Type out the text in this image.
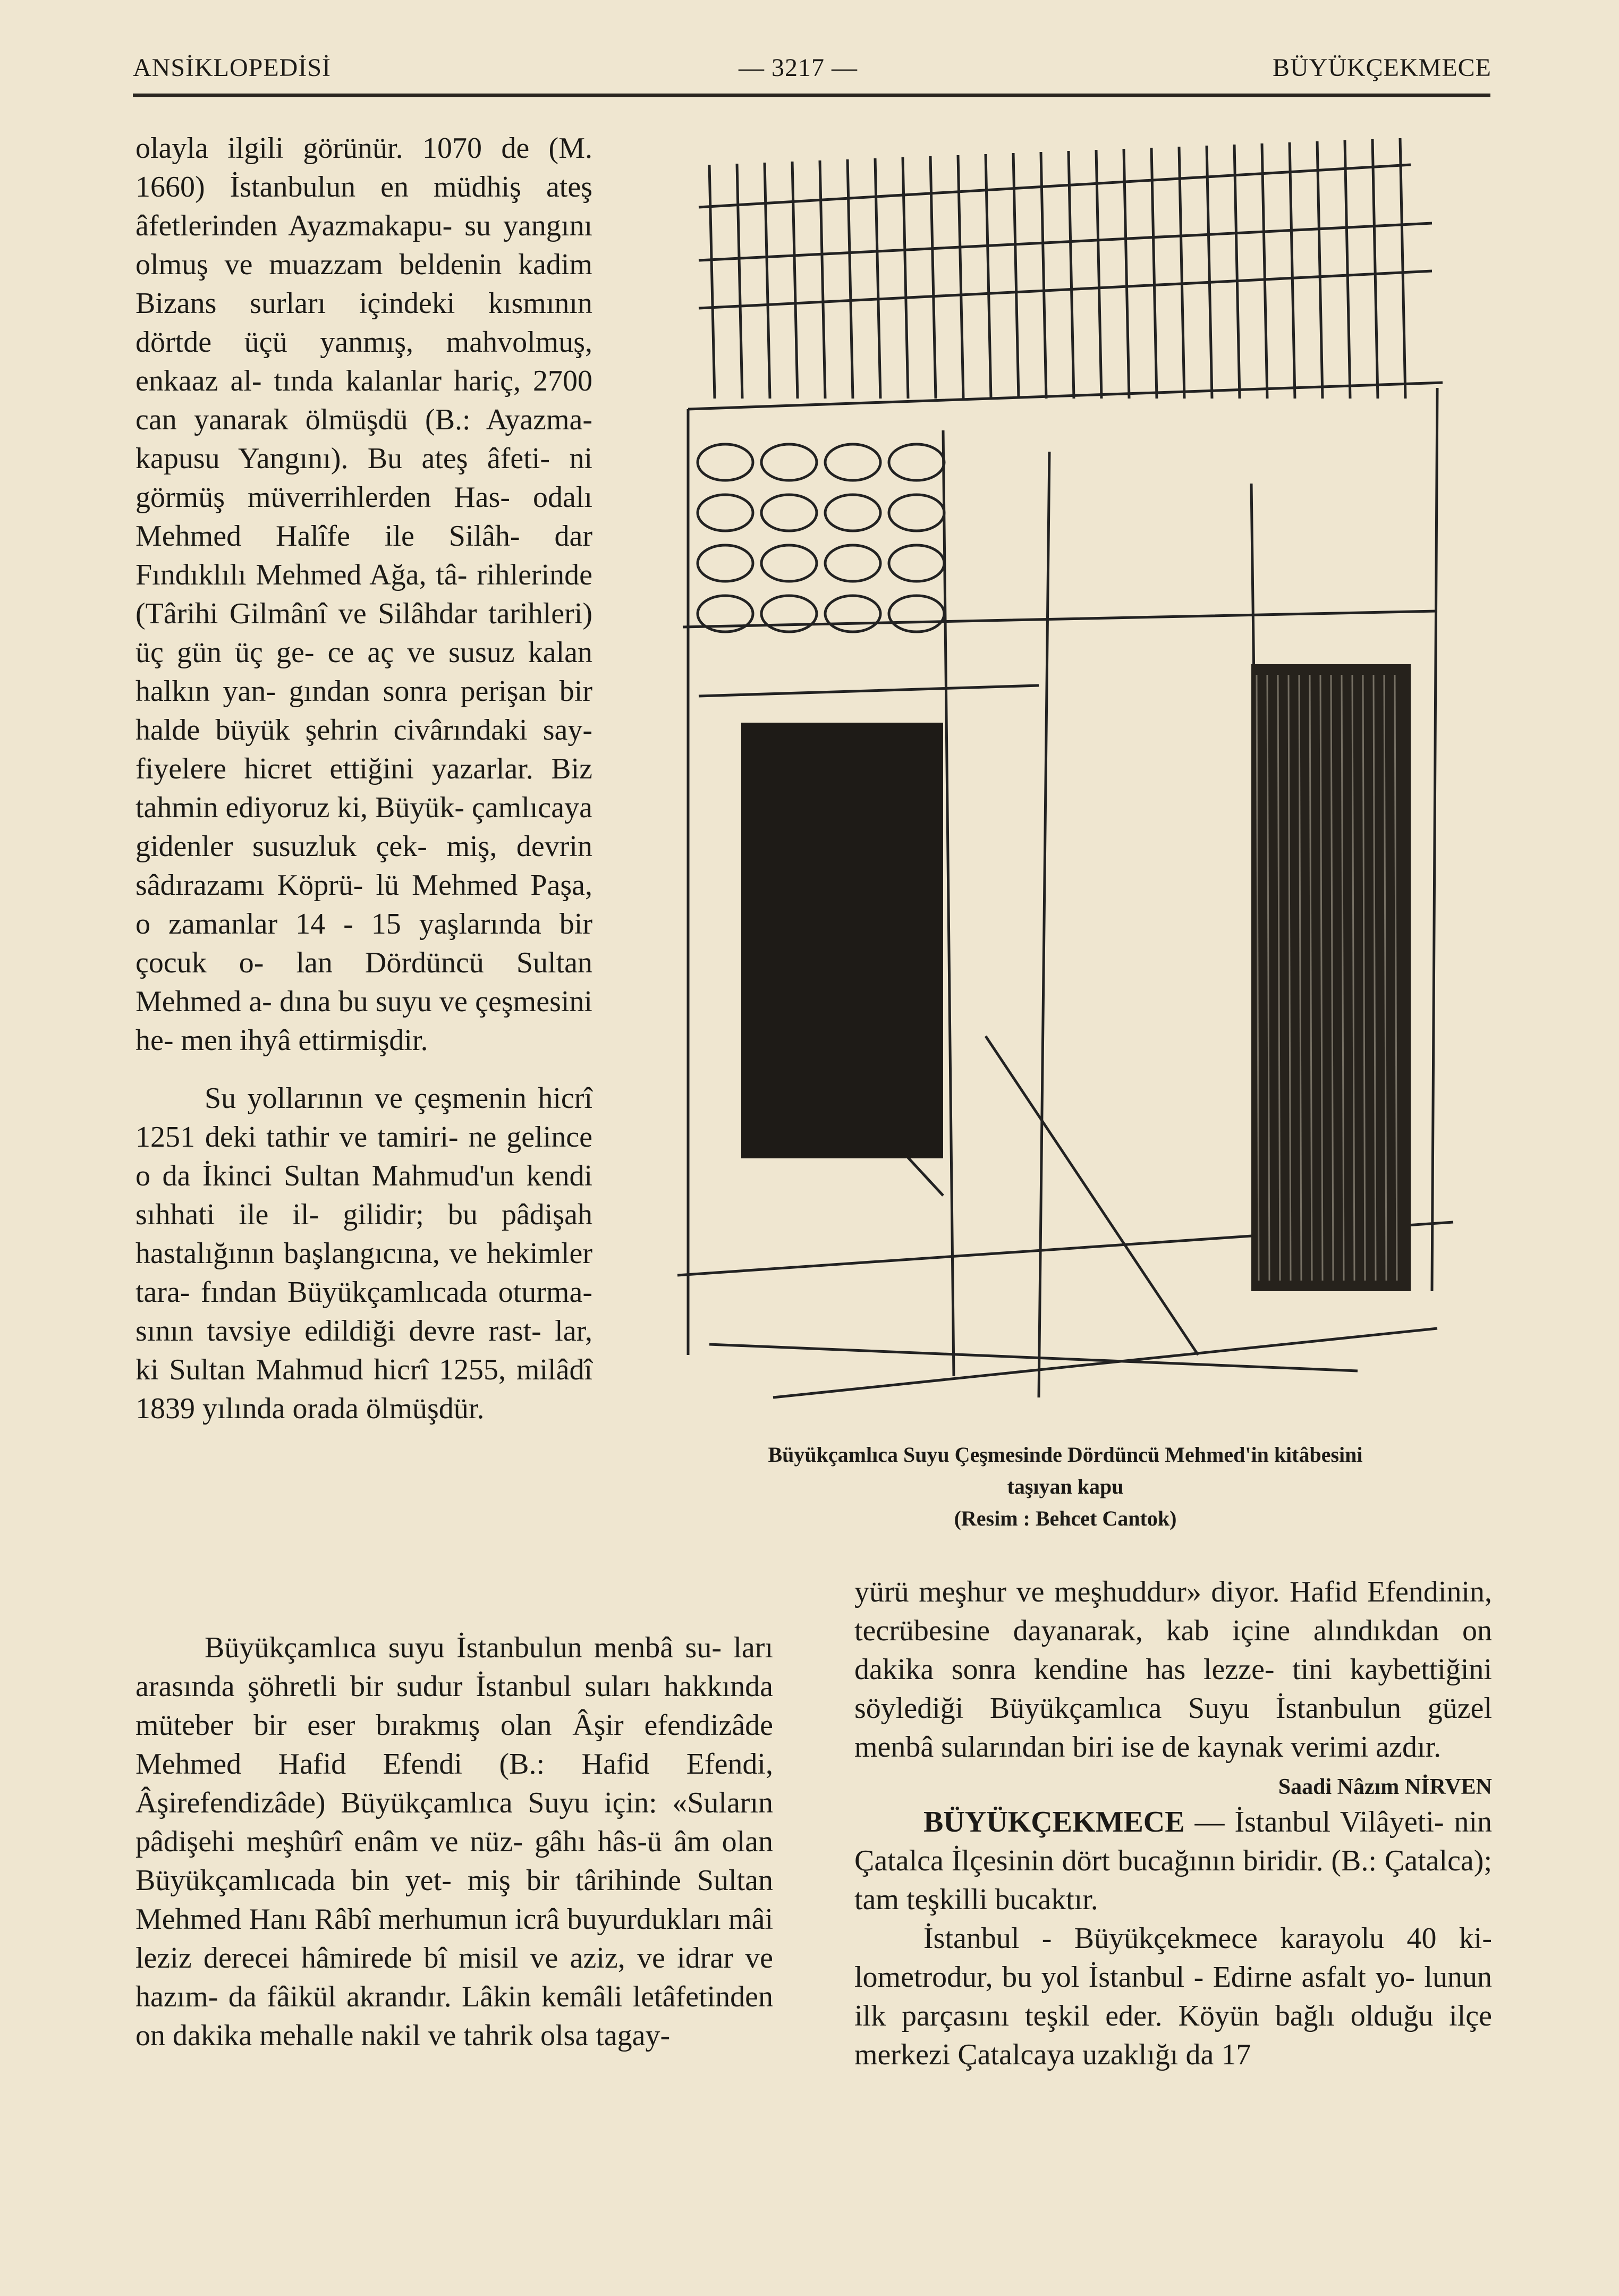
ANSİKLOPEDİSİ	— 3217 —	BÜYÜKÇEKMECE

olayla ilgili görünür. 1070 de (M. 1660) İstanbulun en müdhiş ateş âfetlerinden Ayazmakapu- su yangını olmuş ve muazzam beldenin kadim Bizans surları içindeki kısmının dörtde üçü yanmış, mahvolmuş, enkaaz al- tında kalanlar hariç, 2700 can yanarak ölmüşdü (B.: Ayazma- kapusu Yangını). Bu ateş âfeti- ni görmüş müverrihlerden Has- odalı Mehmed Halîfe ile Silâh- dar Fındıklılı Mehmed Ağa, tâ- rihlerinde (Târihi Gilmânî ve Silâhdar tarihleri) üç gün üç ge- ce aç ve susuz kalan halkın yan- gından sonra perişan bir halde büyük şehrin civârındaki say- fiyelere hicret ettiğini yazarlar. Biz tahmin ediyoruz ki, Büyük- çamlıcaya gidenler susuzluk çek- miş, devrin sâdırazamı Köprü- lü Mehmed Paşa, o zamanlar 14 - 15 yaşlarında bir çocuk o- lan Dördüncü Sultan Mehmed a- dına bu suyu ve çeşmesini he- men ihyâ ettirmişdir.

Su yollarının ve çeşmenin hicrî 1251 deki tathir ve tamiri- ne gelince o da İkinci Sultan Mahmud'un kendi sıhhati ile il- gilidir; bu pâdişah hastalığının başlangıcına, ve hekimler tara- fından Büyükçamlıcada oturma- sının tavsiye edildiği devre rast- lar, ki Sultan Mahmud hicrî 1255, milâdî 1839 yılında orada ölmüşdür.

Büyükçamlıca Suyu Çeşmesinde Dördüncü Mehmed'in kitâbesini
taşıyan kapu
(Resim : Behcet Cantok)

Büyükçamlıca suyu İstanbulun menbâ su- ları arasında şöhretli bir sudur İstanbul suları hakkında müteber bir eser bırakmış olan Âşir efendizâde Mehmed Hafid Efendi (B.: Hafid Efendi, Âşirefendizâde) Büyükçamlıca Suyu için: «Suların pâdişehi meşhûrî enâm ve nüz- gâhı hâs-ü âm olan Büyükçamlıcada bin yet- miş bir târihinde Sultan Mehmed Hanı Râbî merhumun icrâ buyurdukları mâi leziz derecei hâmirede bî misil ve aziz, ve idrar ve hazım- da fâikül akrandır. Lâkin kemâli letâfetinden on dakika mehalle nakil ve tahrik olsa tagay-

yürü meşhur ve meşhuddur» diyor. Hafid Efendinin, tecrübesine dayanarak, kab içine alındıkdan on dakika sonra kendine has lezze- tini kaybettiğini söylediği Büyükçamlıca Suyu İstanbulun güzel menbâ sularından biri ise de kaynak verimi azdır.

Saadi Nâzım NİRVEN

BÜYÜKÇEKMECE — İstanbul Vilâyeti- nin Çatalca İlçesinin dört bucağının biridir. (B.: Çatalca); tam teşkilli bucaktır.

İstanbul - Büyükçekmece karayolu 40 ki- lometrodur, bu yol İstanbul - Edirne asfalt yo- lunun ilk parçasını teşkil eder. Köyün bağlı olduğu ilçe merkezi Çatalcaya uzaklığı da 17
